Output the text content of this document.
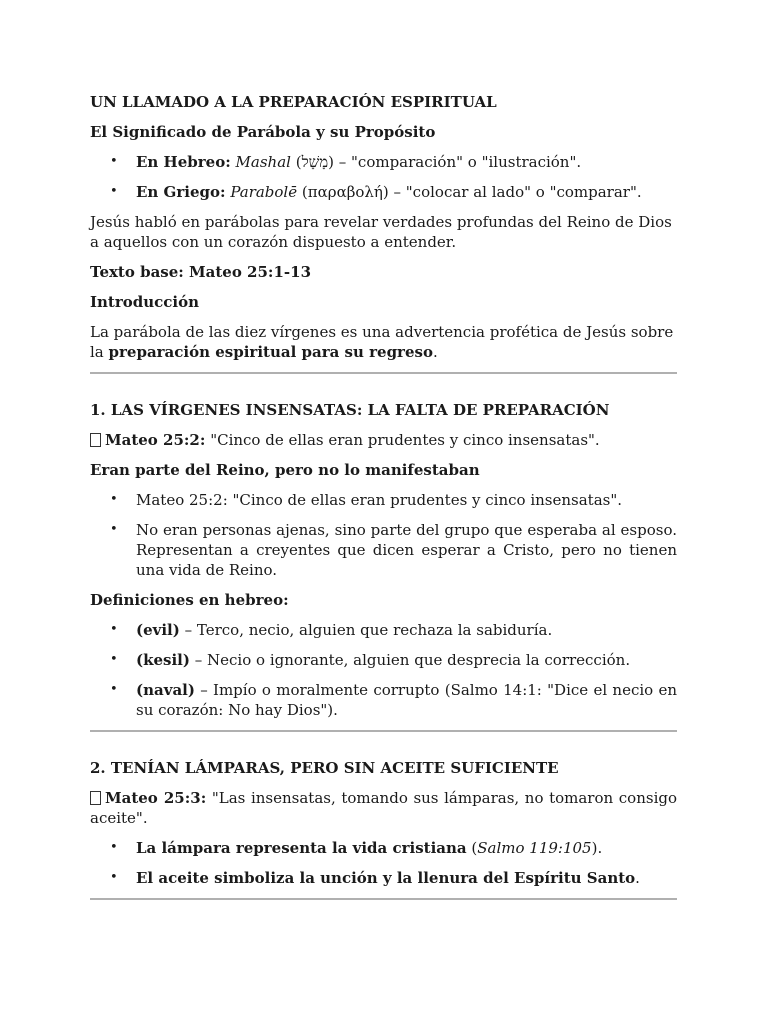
UN LLAMADO A LA PREPARACIÓN ESPIRITUAL

El Significado de Parábola y su Propósito

• En Hebreo: Mashal (מָשָׁל) – "comparación" o "ilustración".
• En Griego: Parabolē (παραβολή) – "colocar al lado" o "comparar".

Jesús habló en parábolas para revelar verdades profundas del Reino de Dios a aquellos con un corazón dispuesto a entender.

Texto base: Mateo 25:1-13

Introducción

La parábola de las diez vírgenes es una advertencia profética de Jesús sobre la preparación espiritual para su regreso.

1. LAS VÍRGENES INSENSATAS: LA FALTA DE PREPARACIÓN

Mateo 25:2: "Cinco de ellas eran prudentes y cinco insensatas".

Eran parte del Reino, pero no lo manifestaban

• Mateo 25:2: "Cinco de ellas eran prudentes y cinco insensatas".
• No eran personas ajenas, sino parte del grupo que esperaba al esposo. Representan a creyentes que dicen esperar a Cristo, pero no tienen una vida de Reino.

Definiciones en hebreo:

• (evil) – Terco, necio, alguien que rechaza la sabiduría.
• (kesil) – Necio o ignorante, alguien que desprecia la corrección.
• (naval) – Impío o moralmente corrupto (Salmo 14:1: "Dice el necio en su corazón: No hay Dios").

2. TENÍAN LÁMPARAS, PERO SIN ACEITE SUFICIENTE

Mateo 25:3: "Las insensatas, tomando sus lámparas, no tomaron consigo aceite".

• La lámpara representa la vida cristiana (Salmo 119:105).
• El aceite simboliza la unción y la llenura del Espíritu Santo.
